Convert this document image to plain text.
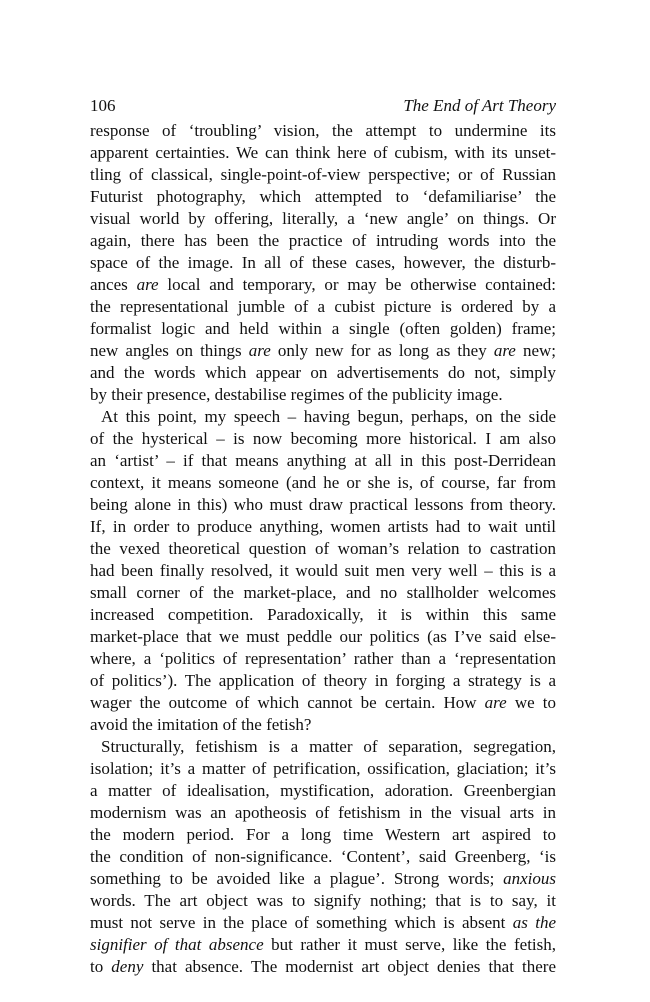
106	The End of Art Theory
response of ‘troubling’ vision, the attempt to undermine its
apparent certainties. We can think here of cubism, with its unset-
tling of classical, single-point-of-view perspective; or of Russian
Futurist photography, which attempted to ‘defamiliarise’ the
visual world by offering, literally, a ‘new angle’ on things. Or
again, there has been the practice of intruding words into the
space of the image. In all of these cases, however, the disturb-
ances are local and temporary, or may be otherwise contained:
the representational jumble of a cubist picture is ordered by a
formalist logic and held within a single (often golden) frame;
new angles on things are only new for as long as they are new;
and the words which appear on advertisements do not, simply
by their presence, destabilise regimes of the publicity image.
At this point, my speech – having begun, perhaps, on the side
of the hysterical – is now becoming more historical. I am also
an ‘artist’ – if that means anything at all in this post-Derridean
context, it means someone (and he or she is, of course, far from
being alone in this) who must draw practical lessons from theory.
If, in order to produce anything, women artists had to wait until
the vexed theoretical question of woman’s relation to castration
had been finally resolved, it would suit men very well – this is a
small corner of the market-place, and no stallholder welcomes
increased competition. Paradoxically, it is within this same
market-place that we must peddle our politics (as I’ve said else-
where, a ‘politics of representation’ rather than a ‘representation
of politics’). The application of theory in forging a strategy is a
wager the outcome of which cannot be certain. How are we to
avoid the imitation of the fetish?
Structurally, fetishism is a matter of separation, segregation,
isolation; it’s a matter of petrification, ossification, glaciation; it’s
a matter of idealisation, mystification, adoration. Greenbergian
modernism was an apotheosis of fetishism in the visual arts in
the modern period. For a long time Western art aspired to
the condition of non-significance. ‘Content’, said Greenberg, ‘is
something to be avoided like a plague’. Strong words; anxious
words. The art object was to signify nothing; that is to say, it
must not serve in the place of something which is absent as the
signifier of that absence but rather it must serve, like the fetish,
to deny that absence. The modernist art object denies that there
